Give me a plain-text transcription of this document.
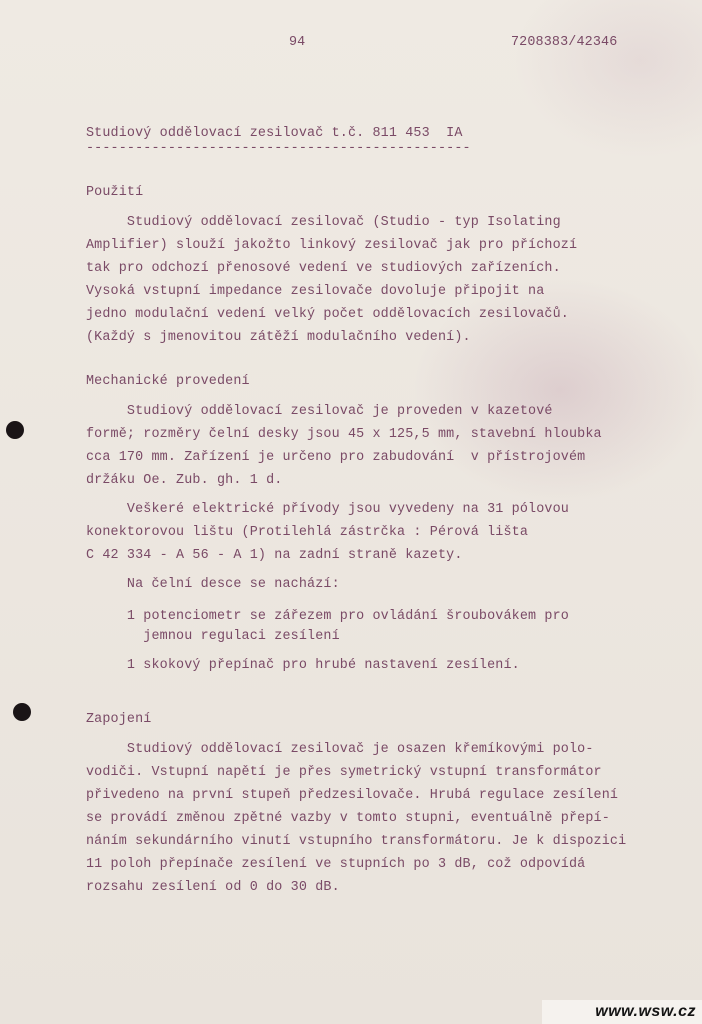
94	7208383/42346
Studiový oddělovací zesilovač t.č. 811 453  IA
-----------------------------------------------
Použití
Studiový oddělovací zesilovač (Studio - typ Isolating
Amplifier) slouží jakožto linkový zesilovač jak pro příchozí
tak pro odchozí přenosové vedení ve studiových zařízeních.
Vysoká vstupní impedance zesilovače dovoluje připojit na
jedno modulační vedení velký počet oddělovacích zesilovačů.
(Každý s jmenovitou zátěží modulačního vedení).
Mechanické provedení
Studiový oddělovací zesilovač je proveden v kazetové
formě; rozměry čelní desky jsou 45 x 125,5 mm, stavební hloubka
cca 170 mm. Zařízení je určeno pro zabudování  v přístrojovém
držáku Oe. Zub. gh. 1 d.
Veškeré elektrické přívody jsou vyvedeny na 31 pólovou
konektorovou lištu (Protilehlá zástrčka : Pérová lišta
C 42 334 - A 56 - A 1) na zadní straně kazety.
Na čelní desce se nachází:
1 potenciometr se zářezem pro ovládání šroubovákem pro
jemnou regulaci zesílení
1 skokový přepínač pro hrubé nastavení zesílení.
Zapojení
Studiový oddělovací zesilovač je osazen křemíkovými polo-
vodiči. Vstupní napětí je přes symetrický vstupní transformátor
přivedeno na první stupeň předzesilovače. Hrubá regulace zesílení
se provádí změnou zpětné vazby v tomto stupni, eventuálně přepí-
náním sekundárního vinutí vstupního transformátoru. Je k dispozici
11 poloh přepínače zesílení ve stupních po 3 dB, což odpovídá
rozsahu zesílení od 0 do 30 dB.
www.wsw.cz
